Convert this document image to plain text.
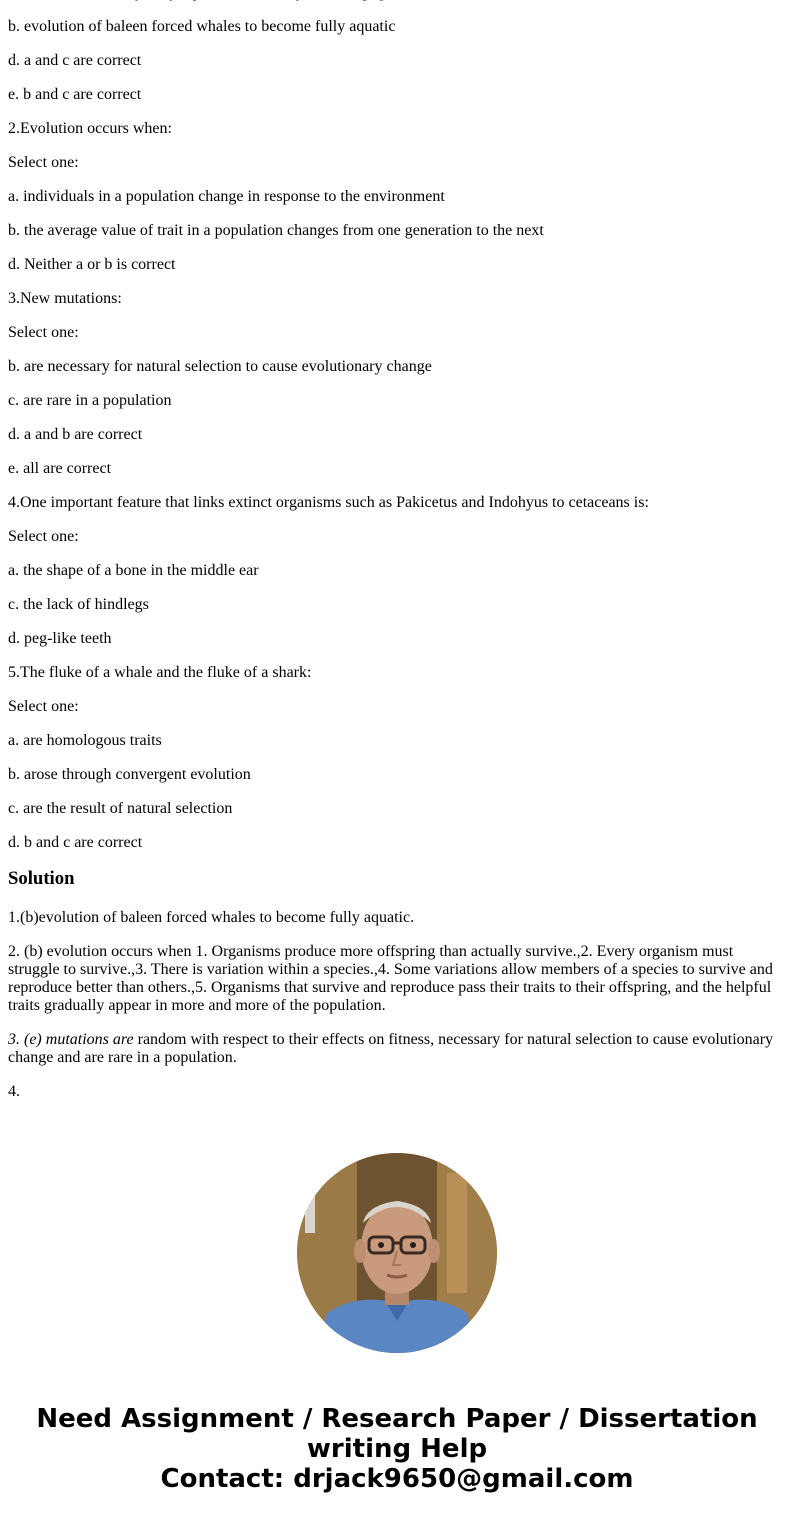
b. evolution of baleen forced whales to become fully aquatic

d. a and c are correct

e. b and c are correct

2.Evolution occurs when:

Select one:

a. individuals in a population change in response to the environment

b. the average value of trait in a population changes from one generation to the next

d. Neither a or b is correct

3.New mutations:

Select one:

b. are necessary for natural selection to cause evolutionary change

c. are rare in a population

d. a and b are correct

e. all are correct

4.One important feature that links extinct organisms such as Pakicetus and Indohyus to cetaceans is:

Select one:

a. the shape of a bone in the middle ear

c. the lack of hindlegs

d. peg-like teeth

5.The fluke of a whale and the fluke of a shark:

Select one:

a. are homologous traits

b. arose through convergent evolution

c. are the result of natural selection

d. b and c are correct

Solution

1.(b)evolution of baleen forced whales to become fully aquatic.

2. (b) evolution occurs when 1. Organisms produce more offspring than actually survive.,2. Every organism must struggle to survive.,3. There is variation within a species.,4. Some variations allow members of a species to survive and reproduce better than others.,5. Organisms that survive and reproduce pass their traits to their offspring, and the helpful traits gradually appear in more and more of the population.

3. (e) mutations are random with respect to their effects on fitness, necessary for natural selection to cause evolutionary change and are rare in a population.

4.

Need Assignment / Research Paper / Dissertation
writing Help
Contact: drjack9650@gmail.com
